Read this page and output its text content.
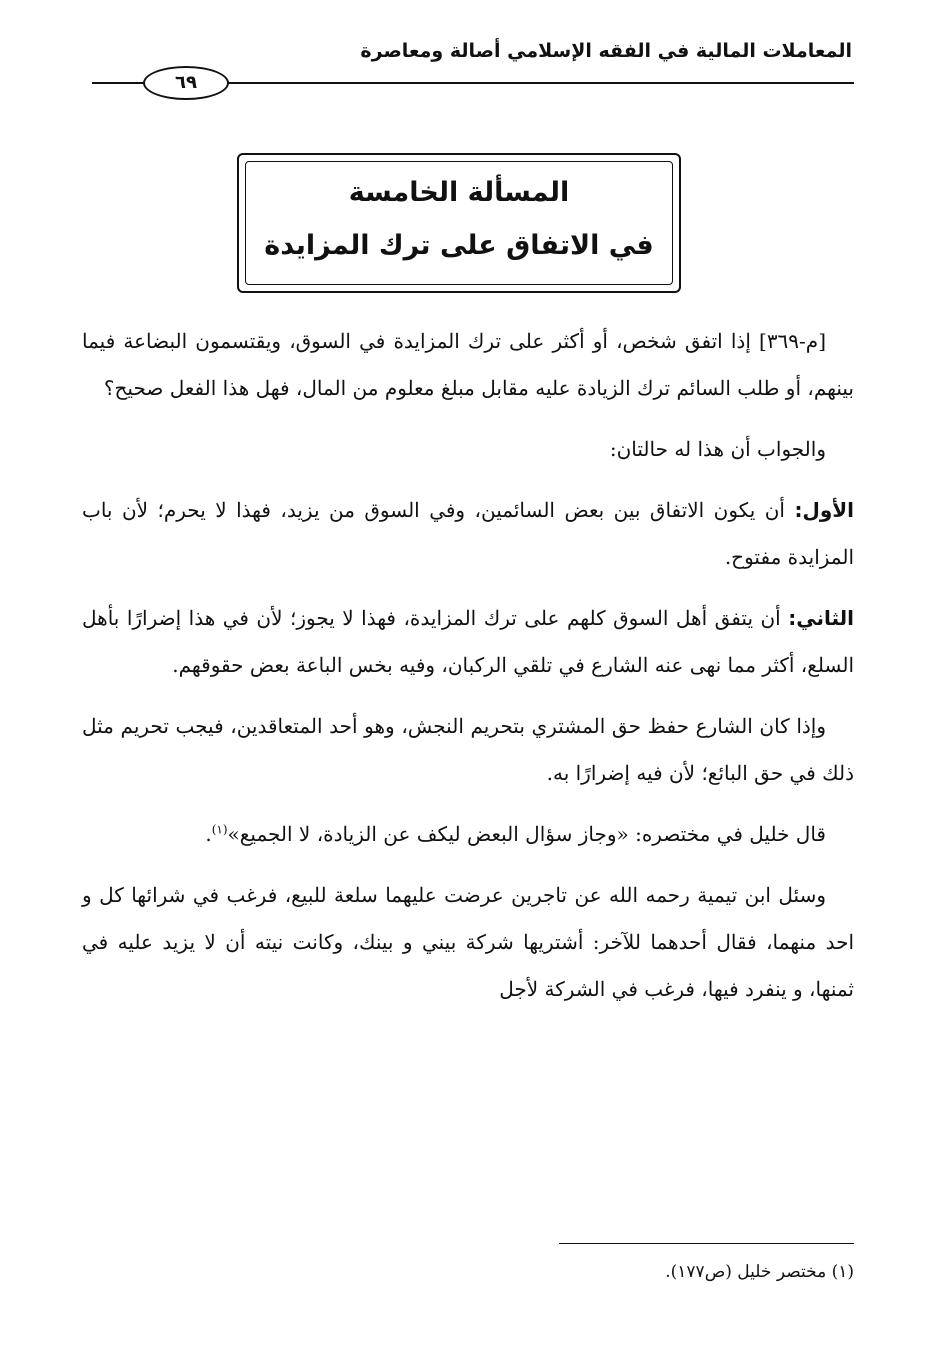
المعاملات المالية في الفقه الإسلامي أصالة ومعاصرة
٦٩
المسألة الخامسة
في الاتفاق على ترك المزايدة

[م-٣٦٩] إذا اتفق شخص، أو أكثر على ترك المزايدة في السوق، ويقتسمون البضاعة فيما بينهم، أو طلب السائم ترك الزيادة عليه مقابل مبلغ معلوم من المال، فهل هذا الفعل صحيح؟

والجواب أن هذا له حالتان:

الأول: أن يكون الاتفاق بين بعض السائمين، وفي السوق من يزيد، فهذا لا يحرم؛ لأن باب المزايدة مفتوح.

الثاني: أن يتفق أهل السوق كلهم على ترك المزايدة، فهذا لا يجوز؛ لأن في هذا إضرارًا بأهل السلع، أكثر مما نهى عنه الشارع في تلقي الركبان، وفيه بخس الباعة بعض حقوقهم.

وإذا كان الشارع حفظ حق المشتري بتحريم النجش، وهو أحد المتعاقدين، فيجب تحريم مثل ذلك في حق البائع؛ لأن فيه إضرارًا به.

قال خليل في مختصره: «وجاز سؤال البعض ليكف عن الزيادة، لا الجميع»$^{(١)}$.

وسئل ابن تيمية رحمه الله عن تاجرين عرضت عليهما سلعة للبيع، فرغب في شرائها كل و احد منهما، فقال أحدهما للآخر: أشتريها شركة بيني و بينك، وكانت نيته أن لا يزيد عليه في ثمنها، و ينفرد فيها، فرغب في الشركة لأجل

(١) مختصر خليل (ص١٧٧).
